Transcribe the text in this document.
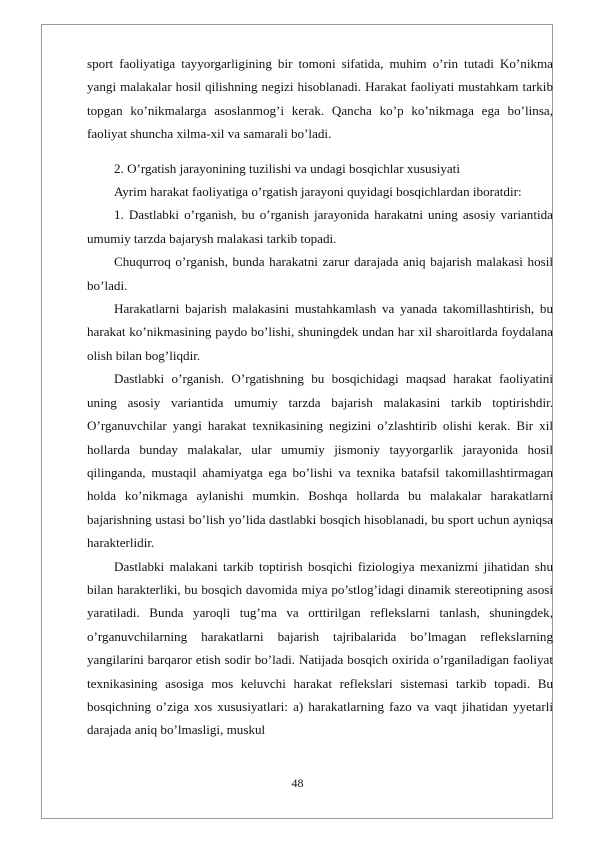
sport faoliyatiga tayyorgarligining bir tomoni sifatida, muhim o’rin tutadi Ko’nikma yangi malakalar hosil qilishning negizi hisoblanadi. Harakat faoliyati mustahkam tarkib topgan ko’nikmalarga asoslanmog’i kerak. Qancha ko’p ko’nikmaga ega bo’linsa, faoliyat shuncha xilma-xil va samarali bo’ladi.

2. O’rgatish jarayonining tuzilishi va undagi bosqichlar xususiyati

Ayrim harakat faoliyatiga o’rgatish jarayoni quyidagi bosqichlardan iboratdir:

1. Dastlabki o’rganish, bu o’rganish jarayonida harakatni uning asosiy variantida umumiy tarzda bajarysh malakasi tarkib topadi.

Chuqurroq o’rganish, bunda harakatni zarur darajada aniq bajarish malakasi hosil bo’ladi.

Harakatlarni bajarish malakasini mustahkamlash va yanada takomillashtirish, bu harakat ko’nikmasining paydo bo’lishi, shuningdek undan har xil sharoitlarda foydalana olish bilan bog’liqdir.

Dastlabki o’rganish. O’rgatishning bu bosqichidagi maqsad harakat faoliyatini uning asosiy variantida umumiy tarzda bajarish malakasini tarkib toptirishdir. O’rganuvchilar yangi harakat texnikasining negizini o’zlashtirib olishi kerak. Bir xil hollarda bunday malakalar, ular umumiy jismoniy tayyorgarlik jarayonida hosil qilinganda, mustaqil ahamiyatga ega bo’lishi va texnika batafsil takomillashtirmagan holda ko’nikmaga aylanishi mumkin. Boshqa hollarda bu malakalar harakatlarni bajarishning ustasi bo’lish yo’lida dastlabki bosqich hisoblanadi, bu sport uchun ayniqsa harakterlidir.

Dastlabki malakani tarkib toptirish bosqichi fiziologiya mexanizmi jihatidan shu bilan harakterliki, bu bosqich davomida miya po’stlog’idagi dinamik stereotipning asosi yaratiladi. Bunda yaroqli tug’ma va orttirilgan reflekslarni tanlash, shuningdek, o’rganuvchilarning harakatlarni bajarish tajribalarida bo’lmagan reflekslarning yangilarini barqaror etish sodir bo’ladi. Natijada bosqich oxirida o’rganiladigan faoliyat texnikasining asosiga mos keluvchi harakat reflekslari sistemasi tarkib topadi. Bu bosqichning o’ziga xos xususiyatlari: a) harakatlarning fazo va vaqt jihatidan yyetarli darajada aniq bo’lmasligi, muskul

48
